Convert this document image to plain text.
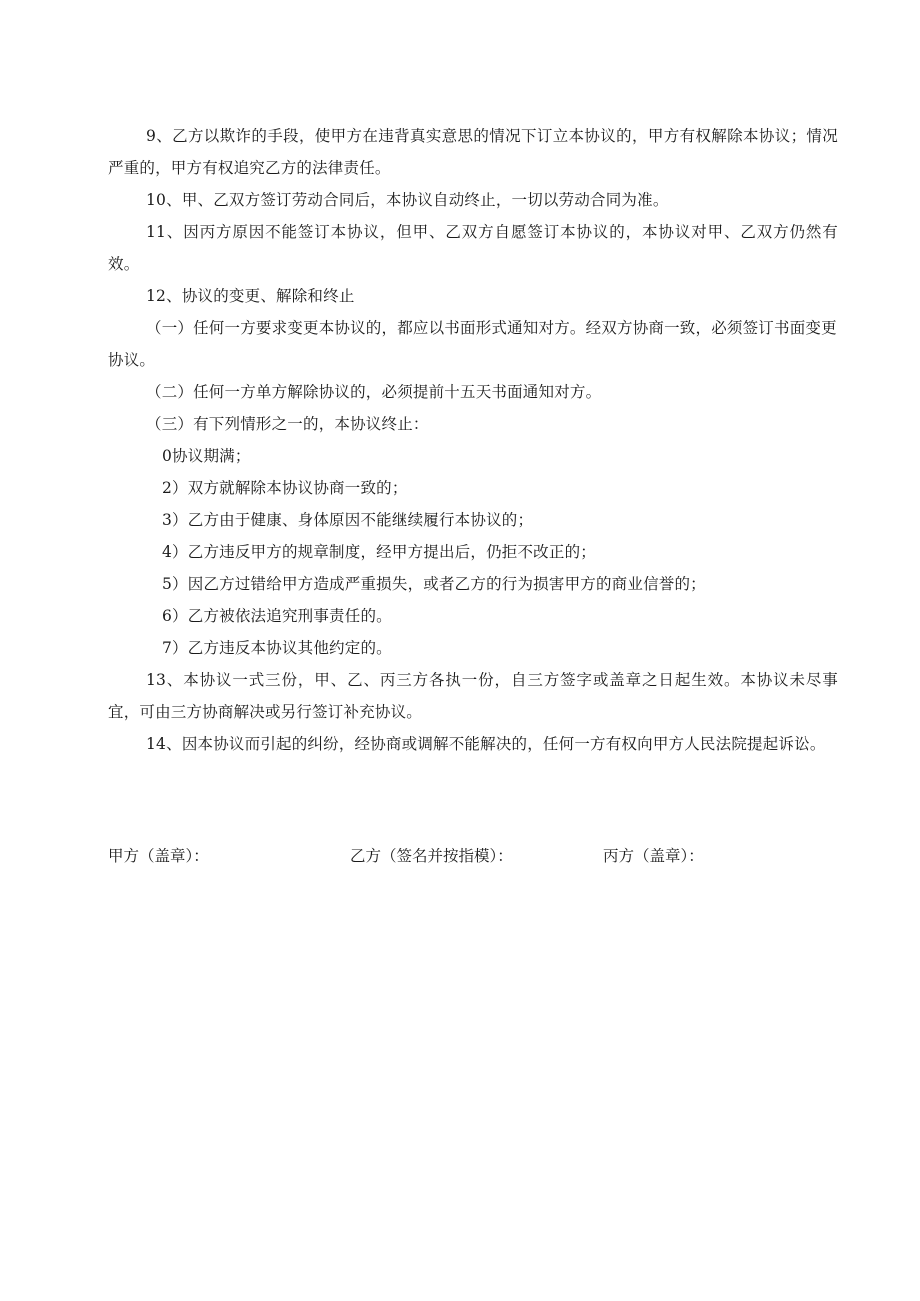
9、乙方以欺诈的手段，使甲方在违背真实意思的情况下订立本协议的，甲方有权解除本协议；情况严重的，甲方有权追究乙方的法律责任。

10、甲、乙双方签订劳动合同后，本协议自动终止，一切以劳动合同为准。

11、因丙方原因不能签订本协议，但甲、乙双方自愿签订本协议的，本协议对甲、乙双方仍然有效。

12、协议的变更、解除和终止

（一）任何一方要求变更本协议的，都应以书面形式通知对方。经双方协商一致，必须签订书面变更协议。

（二）任何一方单方解除协议的，必须提前十五天书面通知对方。

（三）有下列情形之一的，本协议终止：

0协议期满；

2）双方就解除本协议协商一致的；

3）乙方由于健康、身体原因不能继续履行本协议的；

4）乙方违反甲方的规章制度，经甲方提出后，仍拒不改正的；

5）因乙方过错给甲方造成严重损失，或者乙方的行为损害甲方的商业信誉的；

6）乙方被依法追究刑事责任的。

7）乙方违反本协议其他约定的。

13、本协议一式三份，甲、乙、丙三方各执一份，自三方签字或盖章之日起生效。本协议未尽事宜，可由三方协商解决或另行签订补充协议。

14、因本协议而引起的纠纷，经协商或调解不能解决的，任何一方有权向甲方人民法院提起诉讼。

甲方（盖章）：	乙方（签名并按指模）：	丙方（盖章）：
